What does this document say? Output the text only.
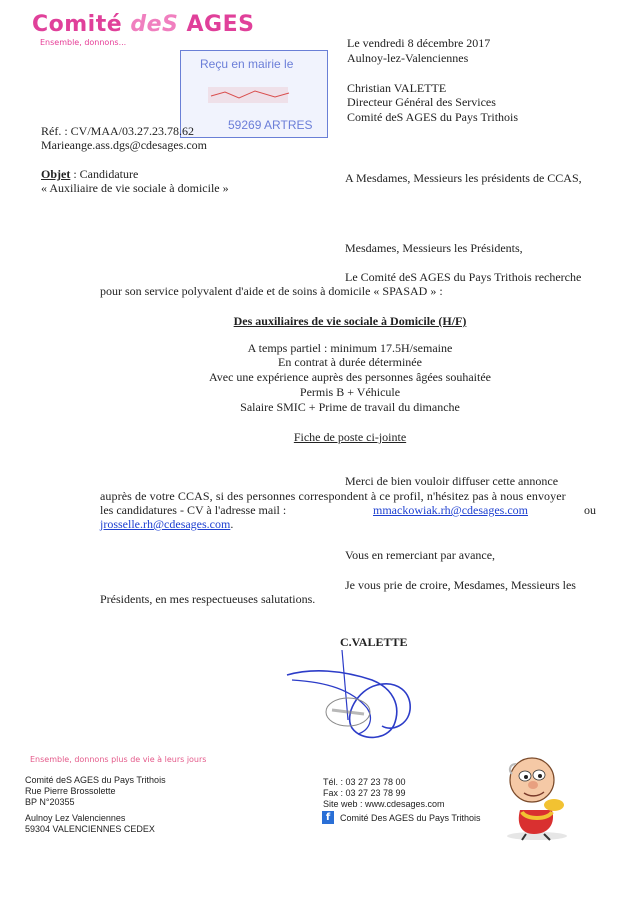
Comité deS AGES
Ensemble, donnons...
Reçu en mairie le
59269 ARTRES
Le vendredi 8 décembre 2017
Aulnoy-lez-Valenciennes
Christian VALETTE
Directeur Général des Services
Comité deS AGES du Pays Trithois
Réf. : CV/MAA/03.27.23.78.62
Marieange.ass.dgs@cdesages.com
Objet : Candidature
« Auxiliaire de vie sociale à domicile »
A Mesdames, Messieurs les présidents de CCAS,
Mesdames, Messieurs les Présidents,
Le Comité deS AGES du Pays Trithois recherche
pour son service polyvalent d'aide et de soins à domicile « SPASAD » :
Des auxiliaires de vie sociale à Domicile (H/F)
A temps partiel : minimum 17.5H/semaine
En contrat à durée déterminée
Avec une expérience auprès des personnes âgées souhaitée
Permis B + Véhicule
Salaire SMIC + Prime de travail du dimanche
Fiche de poste ci-jointe
Merci de bien vouloir diffuser cette annonce
auprès de votre CCAS, si des personnes correspondent à ce profil, n'hésitez pas à nous envoyer
les candidatures - CV à l'adresse mail :	mmackowiak.rh@cdesages.com	ou
jrosselle.rh@cdesages.com.
Vous en remerciant par avance,
Je vous prie de croire, Mesdames, Messieurs les
Présidents, en mes respectueuses salutations.
C.VALETTE
Ensemble, donnons plus de vie à leurs jours
Comité deS AGES du Pays Trithois
Rue Pierre Brossolette
BP N°20355
Aulnoy Lez Valenciennes
59304 VALENCIENNES CEDEX
Tél. : 03 27 23 78 00
Fax : 03 27 23 78 99
Site web : www.cdesages.com
f	Comité Des AGES du Pays Trithois
